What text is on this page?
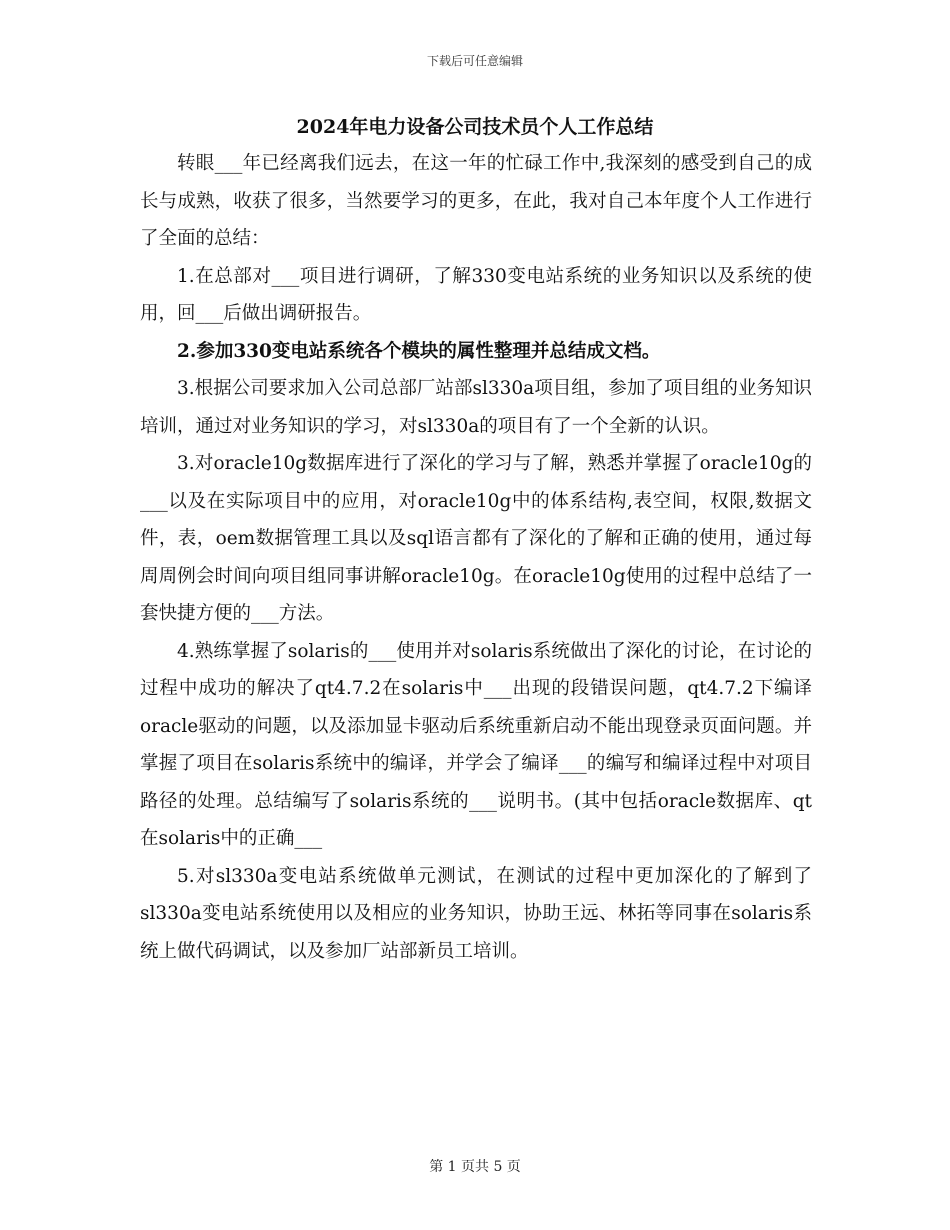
下载后可任意编辑
2024年电力设备公司技术员个人工作总结

转眼___年已经离我们远去，在这一年的忙碌工作中,我深刻的感受到自己的成长与成熟，收获了很多，当然要学习的更多，在此，我对自己本年度个人工作进行了全面的总结：

1.在总部对___项目进行调研，了解330变电站系统的业务知识以及系统的使用，回___后做出调研报告。

2.参加330变电站系统各个模块的属性整理并总结成文档。

3.根据公司要求加入公司总部厂站部sl330a项目组，参加了项目组的业务知识培训，通过对业务知识的学习，对sl330a的项目有了一个全新的认识。

3.对oracle10g数据库进行了深化的学习与了解，熟悉并掌握了oracle10g的___以及在实际项目中的应用，对oracle10g中的体系结构,表空间，权限,数据文件，表，oem数据管理工具以及sql语言都有了深化的了解和正确的使用，通过每周周例会时间向项目组同事讲解oracle10g。在oracle10g使用的过程中总结了一套快捷方便的___方法。

4.熟练掌握了solaris的___使用并对solaris系统做出了深化的讨论，在讨论的过程中成功的解决了qt4.7.2在solaris中___出现的段错误问题，qt4.7.2下编译oracle驱动的问题，以及添加显卡驱动后系统重新启动不能出现登录页面问题。并掌握了项目在solaris系统中的编译，并学会了编译___的编写和编译过程中对项目路径的处理。总结编写了solaris系统的___说明书。(其中包括oracle数据库、qt在solaris中的正确___

5.对sl330a变电站系统做单元测试，在测试的过程中更加深化的了解到了sl330a变电站系统使用以及相应的业务知识，协助王远、林拓等同事在solaris系统上做代码调试，以及参加厂站部新员工培训。

第 1 页共 5 页
